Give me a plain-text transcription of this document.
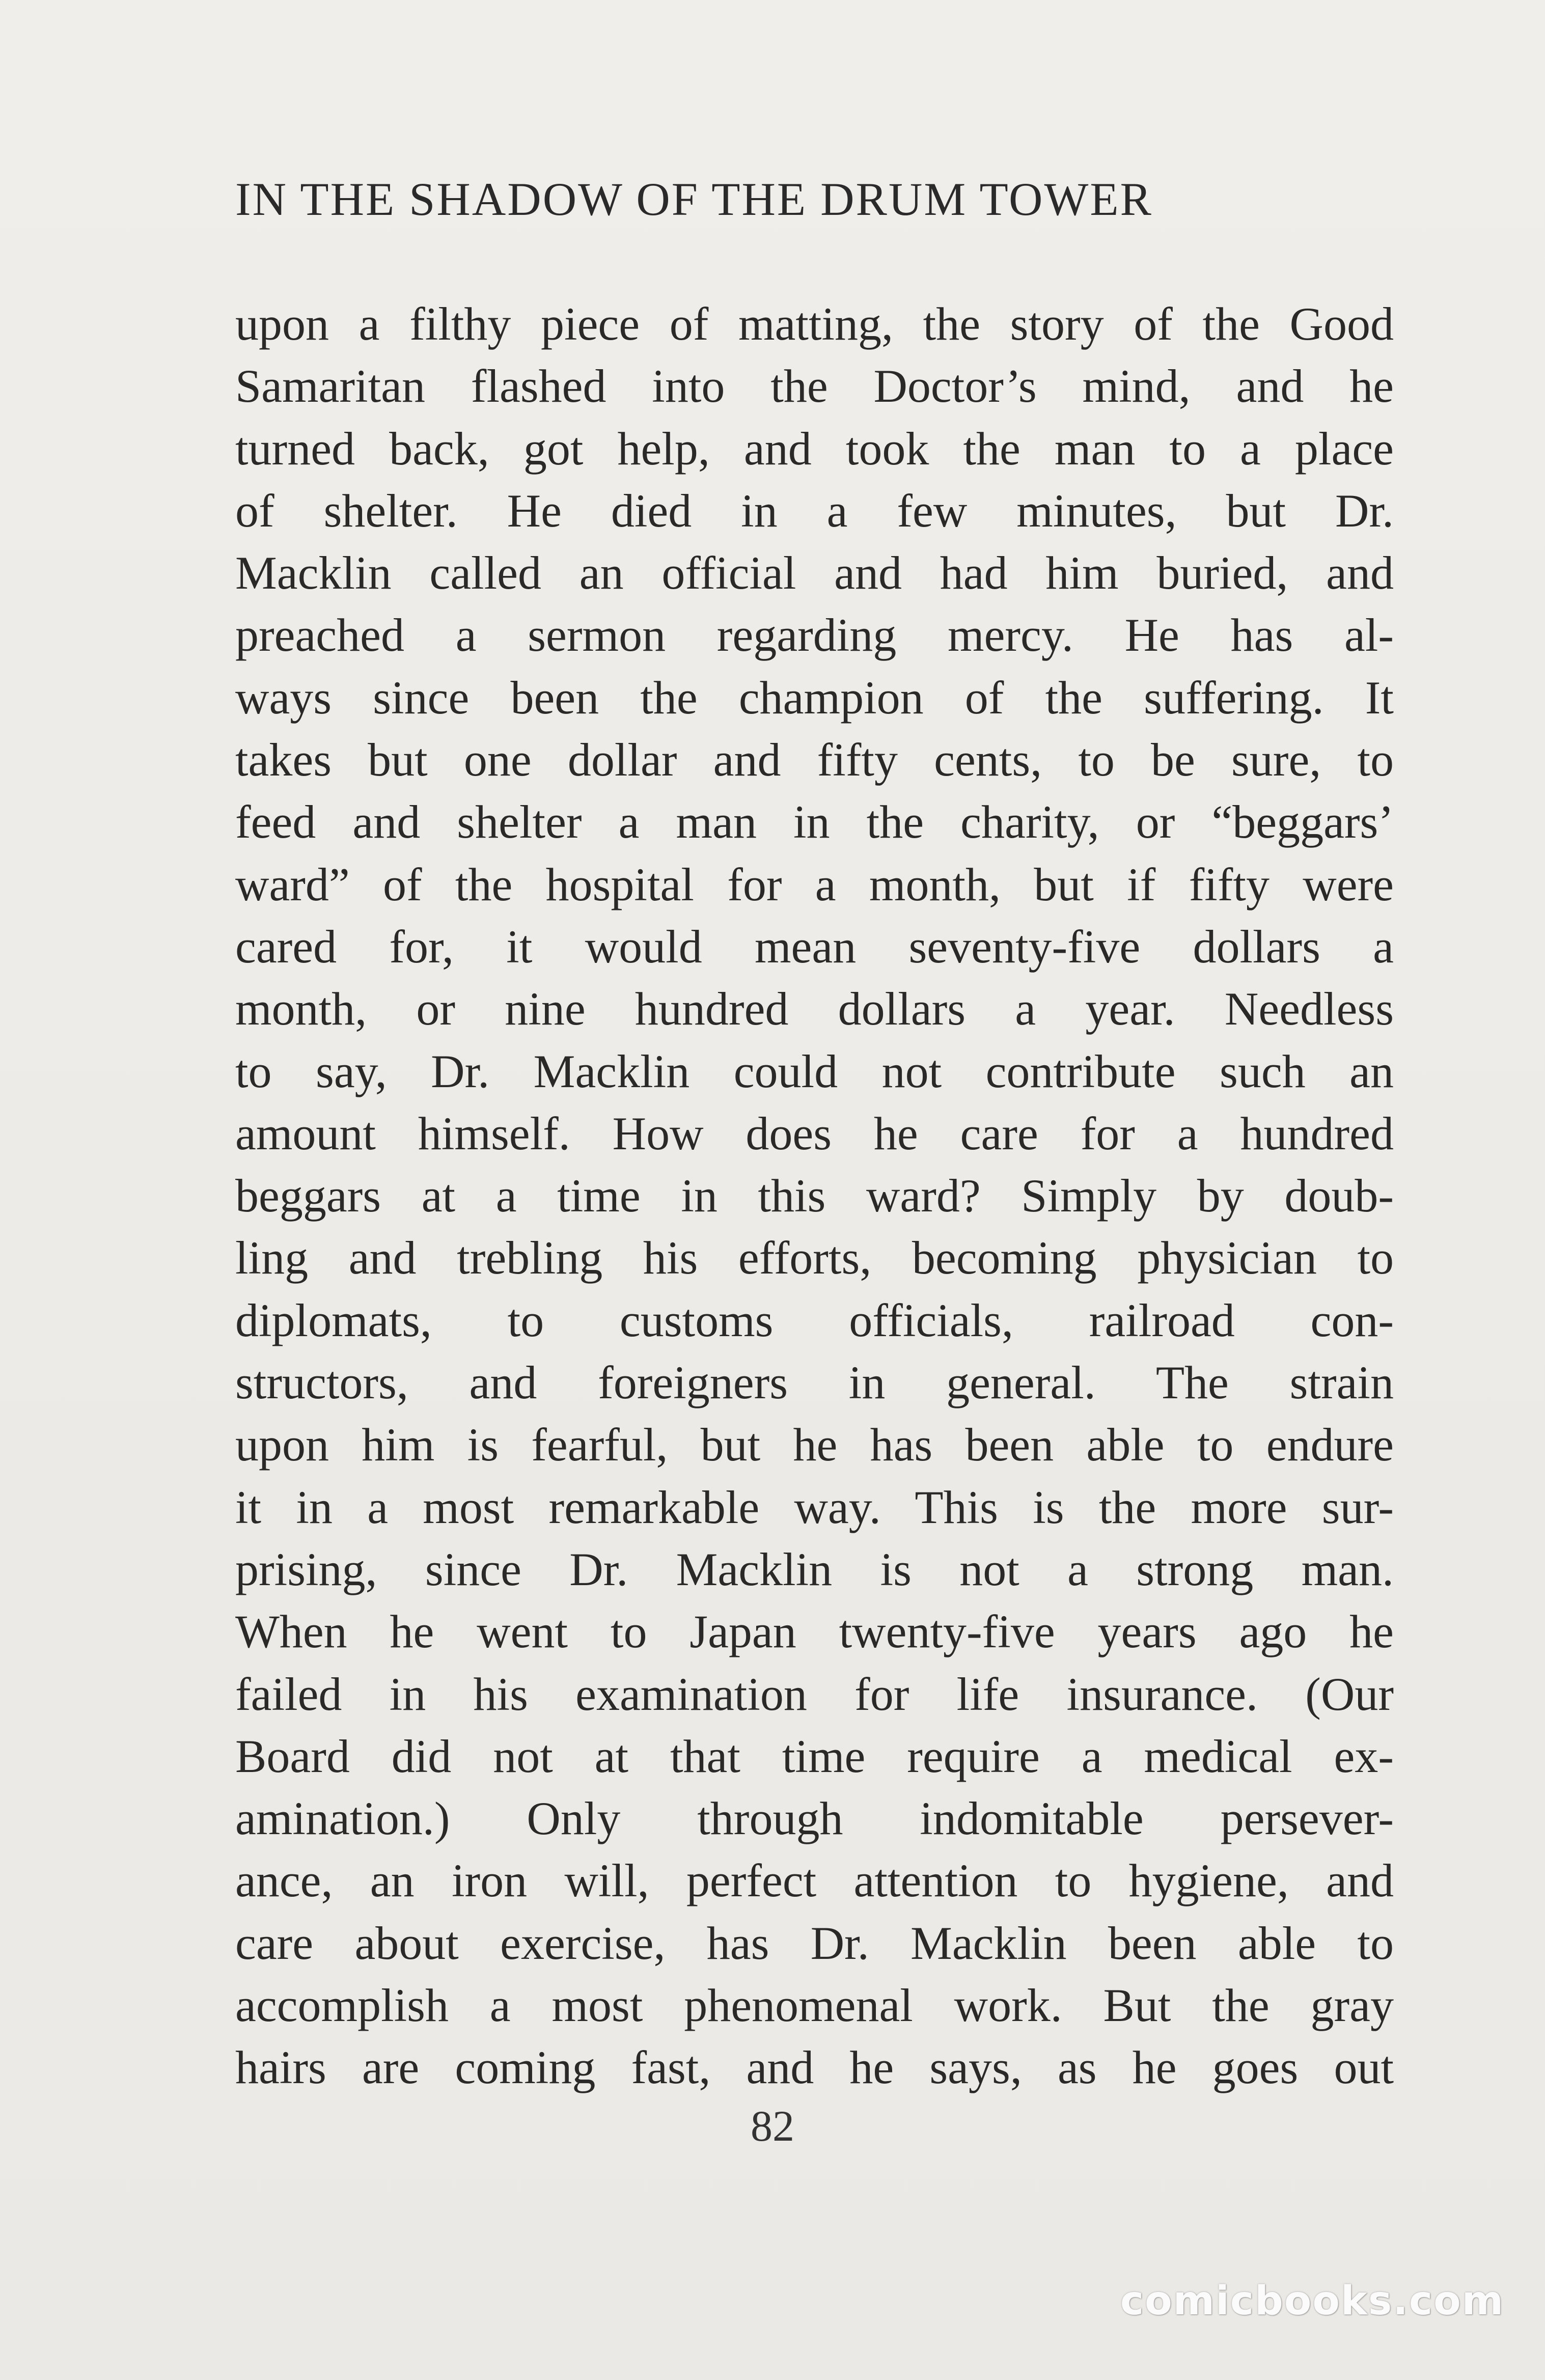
IN THE SHADOW OF THE DRUM TOWER
upon a filthy piece of matting, the story of the Good
Samaritan flashed into the Doctor’s mind, and he
turned back, got help, and took the man to a place
of shelter. He died in a few minutes, but Dr.
Macklin called an official and had him buried, and
preached a sermon regarding mercy. He has al-
ways since been the champion of the suffering. It
takes but one dollar and fifty cents, to be sure, to
feed and shelter a man in the charity, or “beggars’
ward” of the hospital for a month, but if fifty were
cared for, it would mean seventy-five dollars a
month, or nine hundred dollars a year. Needless
to say, Dr. Macklin could not contribute such an
amount himself. How does he care for a hundred
beggars at a time in this ward? Simply by doub-
ling and trebling his efforts, becoming physician to
diplomats, to customs officials, railroad con-
structors, and foreigners in general. The strain
upon him is fearful, but he has been able to endure
it in a most remarkable way. This is the more sur-
prising, since Dr. Macklin is not a strong man.
When he went to Japan twenty-five years ago he
failed in his examination for life insurance. (Our
Board did not at that time require a medical ex-
amination.) Only through indomitable persever-
ance, an iron will, perfect attention to hygiene, and
care about exercise, has Dr. Macklin been able to
accomplish a most phenomenal work. But the gray
hairs are coming fast, and he says, as he goes out
82
comicbooks.com
